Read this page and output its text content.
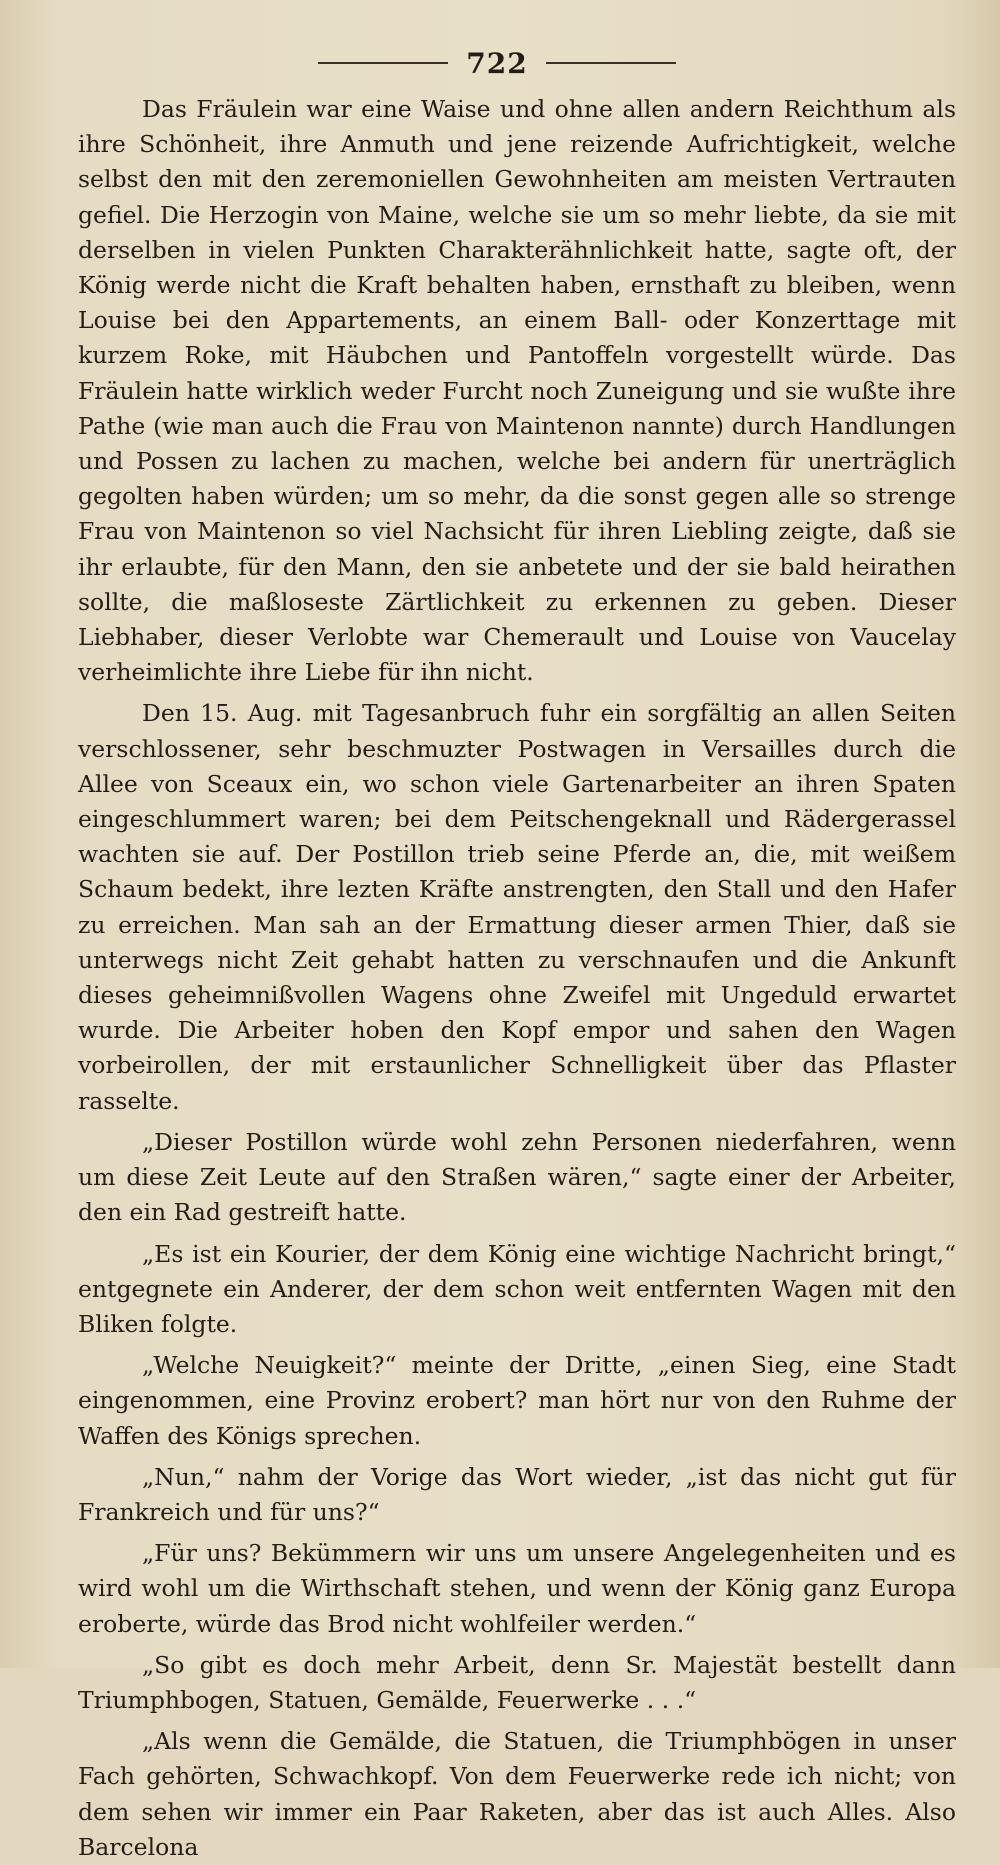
722

Das Fräulein war eine Waise und ohne allen andern Reichthum als ihre Schönheit, ihre Anmuth und jene reizende Aufrichtigkeit, welche selbst den mit den zeremoniellen Gewohnheiten am meisten Vertrauten gefiel. Die Herzogin von Maine, welche sie um so mehr liebte, da sie mit derselben in vielen Punkten Charakterähnlichkeit hatte, sagte oft, der König werde nicht die Kraft behalten haben, ernsthaft zu bleiben, wenn Louise bei den Appartements, an einem Ball- oder Konzerttage mit kurzem Roke, mit Häubchen und Pantoffeln vorgestellt würde. Das Fräulein hatte wirklich weder Furcht noch Zuneigung und sie wußte ihre Pathe (wie man auch die Frau von Maintenon nannte) durch Handlungen und Possen zu lachen zu machen, welche bei andern für unerträglich gegolten haben würden; um so mehr, da die sonst gegen alle so strenge Frau von Maintenon so viel Nachsicht für ihren Liebling zeigte, daß sie ihr erlaubte, für den Mann, den sie anbetete und der sie bald heirathen sollte, die maßloseste Zärtlichkeit zu erkennen zu geben. Dieser Liebhaber, dieser Verlobte war Chemerault und Louise von Vaucelay verheimlichte ihre Liebe für ihn nicht.

Den 15. Aug. mit Tagesanbruch fuhr ein sorgfältig an allen Seiten verschlossener, sehr beschmuzter Postwagen in Versailles durch die Allee von Sceaux ein, wo schon viele Gartenarbeiter an ihren Spaten eingeschlummert waren; bei dem Peitschengeknall und Rädergerassel wachten sie auf. Der Postillon trieb seine Pferde an, die, mit weißem Schaum bedekt, ihre lezten Kräfte anstrengten, den Stall und den Hafer zu erreichen. Man sah an der Ermattung dieser armen Thier, daß sie unterwegs nicht Zeit gehabt hatten zu verschnaufen und die Ankunft dieses geheimnißvollen Wagens ohne Zweifel mit Ungeduld erwartet wurde. Die Arbeiter hoben den Kopf empor und sahen den Wagen vorbeirollen, der mit erstaunlicher Schnelligkeit über das Pflaster rasselte.

„Dieser Postillon würde wohl zehn Personen niederfahren, wenn um diese Zeit Leute auf den Straßen wären,“ sagte einer der Arbeiter, den ein Rad gestreift hatte.

„Es ist ein Kourier, der dem König eine wichtige Nachricht bringt,“ entgegnete ein Anderer, der dem schon weit entfernten Wagen mit den Bliken folgte.

„Welche Neuigkeit?“ meinte der Dritte, „einen Sieg, eine Stadt eingenommen, eine Provinz erobert? man hört nur von den Ruhme der Waffen des Königs sprechen.

„Nun,“ nahm der Vorige das Wort wieder, „ist das nicht gut für Frankreich und für uns?“

„Für uns? Bekümmern wir uns um unsere Angelegenheiten und es wird wohl um die Wirthschaft stehen, und wenn der König ganz Europa eroberte, würde das Brod nicht wohlfeiler werden.“

„So gibt es doch mehr Arbeit, denn Sr. Majestät bestellt dann Triumphbogen, Statuen, Gemälde, Feuerwerke . . .“

„Als wenn die Gemälde, die Statuen, die Triumphbögen in unser Fach gehörten, Schwachkopf. Von dem Feuerwerke rede ich nicht; von dem sehen wir immer ein Paar Raketen, aber das ist auch Alles. Also Barcelona
